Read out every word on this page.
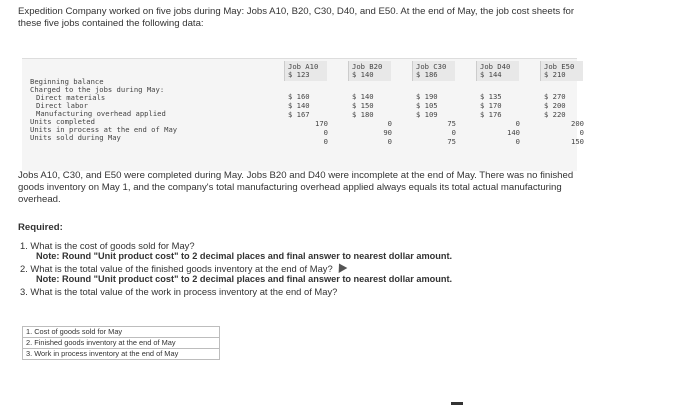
Expedition Company worked on five jobs during May: Jobs A10, B20, C30, D40, and E50. At the end of May, the job cost sheets for
these five jobs contained the following data:
Beginning balance
Charged to the jobs during May:
Direct materials
Direct labor
Manufacturing overhead applied
Units completed
Units in process at the end of May
Units sold during May
Job A10
$ 123
$ 160
$ 140
$ 167
170
0
0
Job B20
$ 140
$ 140
$ 150
$ 180
0
90
0
Job C30
$ 186
$ 190
$ 105
$ 109
75
0
75
Job D40
$ 144
$ 135
$ 170
$ 176
0
140
0
Job E50
$ 210
$ 270
$ 200
$ 220
200
0
150
Jobs A10, C30, and E50 were completed during May. Jobs B20 and D40 were incomplete at the end of May. There was no finished
goods inventory on May 1, and the company's total manufacturing overhead applied always equals its total actual manufacturing
overhead.
Required:
1. What is the cost of goods sold for May?
Note: Round "Unit product cost" to 2 decimal places and final answer to nearest dollar amount.
2. What is the total value of the finished goods inventory at the end of May?
Note: Round "Unit product cost" to 2 decimal places and final answer to nearest dollar amount.
3. What is the total value of the work in process inventory at the end of May?
1. Cost of goods sold for May
2. Finished goods inventory at the end of May
3. Work in process inventory at the end of May
